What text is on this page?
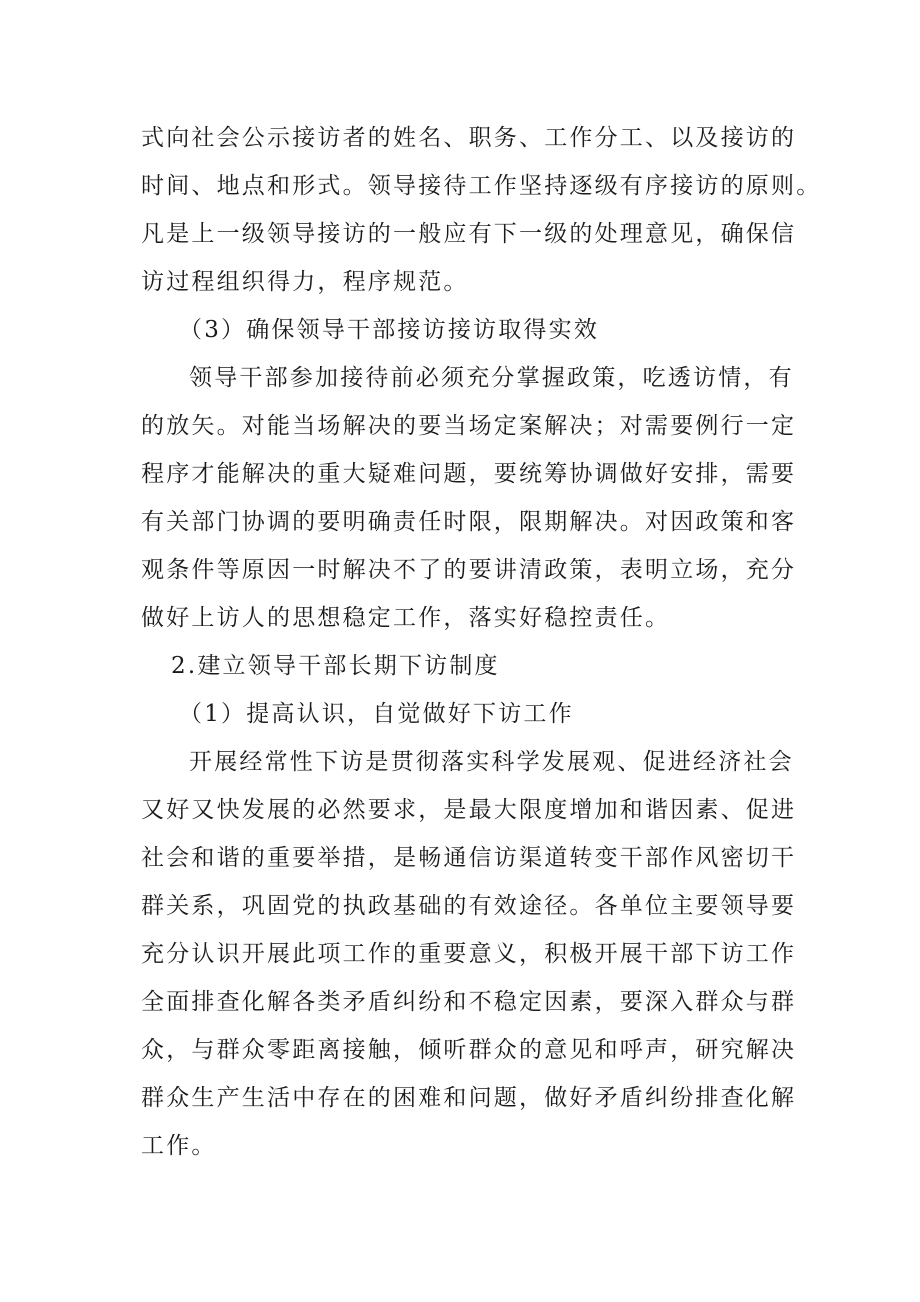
式向社会公示接访者的姓名、职务、工作分工、以及接访的
时间、地点和形式。领导接待工作坚持逐级有序接访的原则。
凡是上一级领导接访的一般应有下一级的处理意见，确保信
访过程组织得力，程序规范。
（3）确保领导干部接访接访取得实效
领导干部参加接待前必须充分掌握政策，吃透访情，有
的放矢。对能当场解决的要当场定案解决；对需要例行一定
程序才能解决的重大疑难问题，要统筹协调做好安排，需要
有关部门协调的要明确责任时限，限期解决。对因政策和客
观条件等原因一时解决不了的要讲清政策，表明立场，充分
做好上访人的思想稳定工作，落实好稳控责任。
2.建立领导干部长期下访制度
（1）提高认识，自觉做好下访工作
开展经常性下访是贯彻落实科学发展观、促进经济社会
又好又快发展的必然要求，是最大限度增加和谐因素、促进
社会和谐的重要举措，是畅通信访渠道转变干部作风密切干
群关系，巩固党的执政基础的有效途径。各单位主要领导要
充分认识开展此项工作的重要意义，积极开展干部下访工作
全面排查化解各类矛盾纠纷和不稳定因素，要深入群众与群
众，与群众零距离接触，倾听群众的意见和呼声，研究解决
群众生产生活中存在的困难和问题，做好矛盾纠纷排查化解
工作。
